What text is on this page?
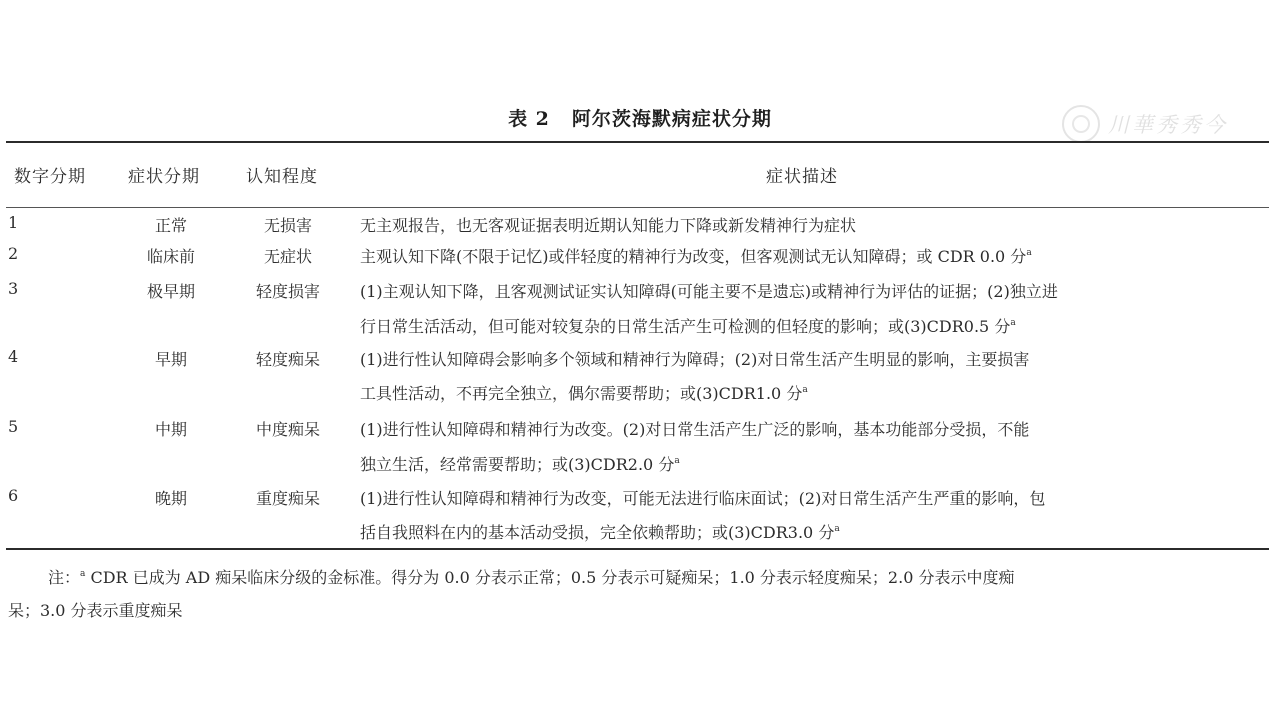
表 2 阿尔茨海默病症状分期	川華秀秀今
数字分期 症状分期	认知程度	症状描述
1	正常	无损害	无主观报告，也无客观证据表明近期认知能力下降或新发精神行为症状
2	临床前	无症状	主观认知下降(不限于记忆)或伴轻度的精神行为改变，但客观测试无认知障碍；或 CDR 0.0 分$^a$
3	极早期	轻度损害	(1)主观认知下降，且客观测试证实认知障碍(可能主要不是遗忘)或精神行为评估的证据；(2)独立进
行日常生活活动，但可能对较复杂的日常生活产生可检测的但轻度的影响；或(3)CDR0.5 分$^a$
4	早期	轻度痴呆	(1)进行性认知障碍会影响多个领域和精神行为障碍；(2)对日常生活产生明显的影响，主要损害
工具性活动，不再完全独立，偶尔需要帮助；或(3)CDR1.0 分$^a$
5	中期	中度痴呆	(1)进行性认知障碍和精神行为改变。(2)对日常生活产生广泛的影响，基本功能部分受损，不能
独立生活，经常需要帮助；或(3)CDR2.0 分$^a$
6	晚期	重度痴呆	(1)进行性认知障碍和精神行为改变，可能无法进行临床面试；(2)对日常生活产生严重的影响，包
括自我照料在内的基本活动受损，完全依赖帮助；或(3)CDR3.0 分$^a$
注：$^a$ CDR 已成为 AD 痴呆临床分级的金标准。得分为 0.0 分表示正常；0.5 分表示可疑痴呆；1.0 分表示轻度痴呆；2.0 分表示中度痴
呆；3.0 分表示重度痴呆
